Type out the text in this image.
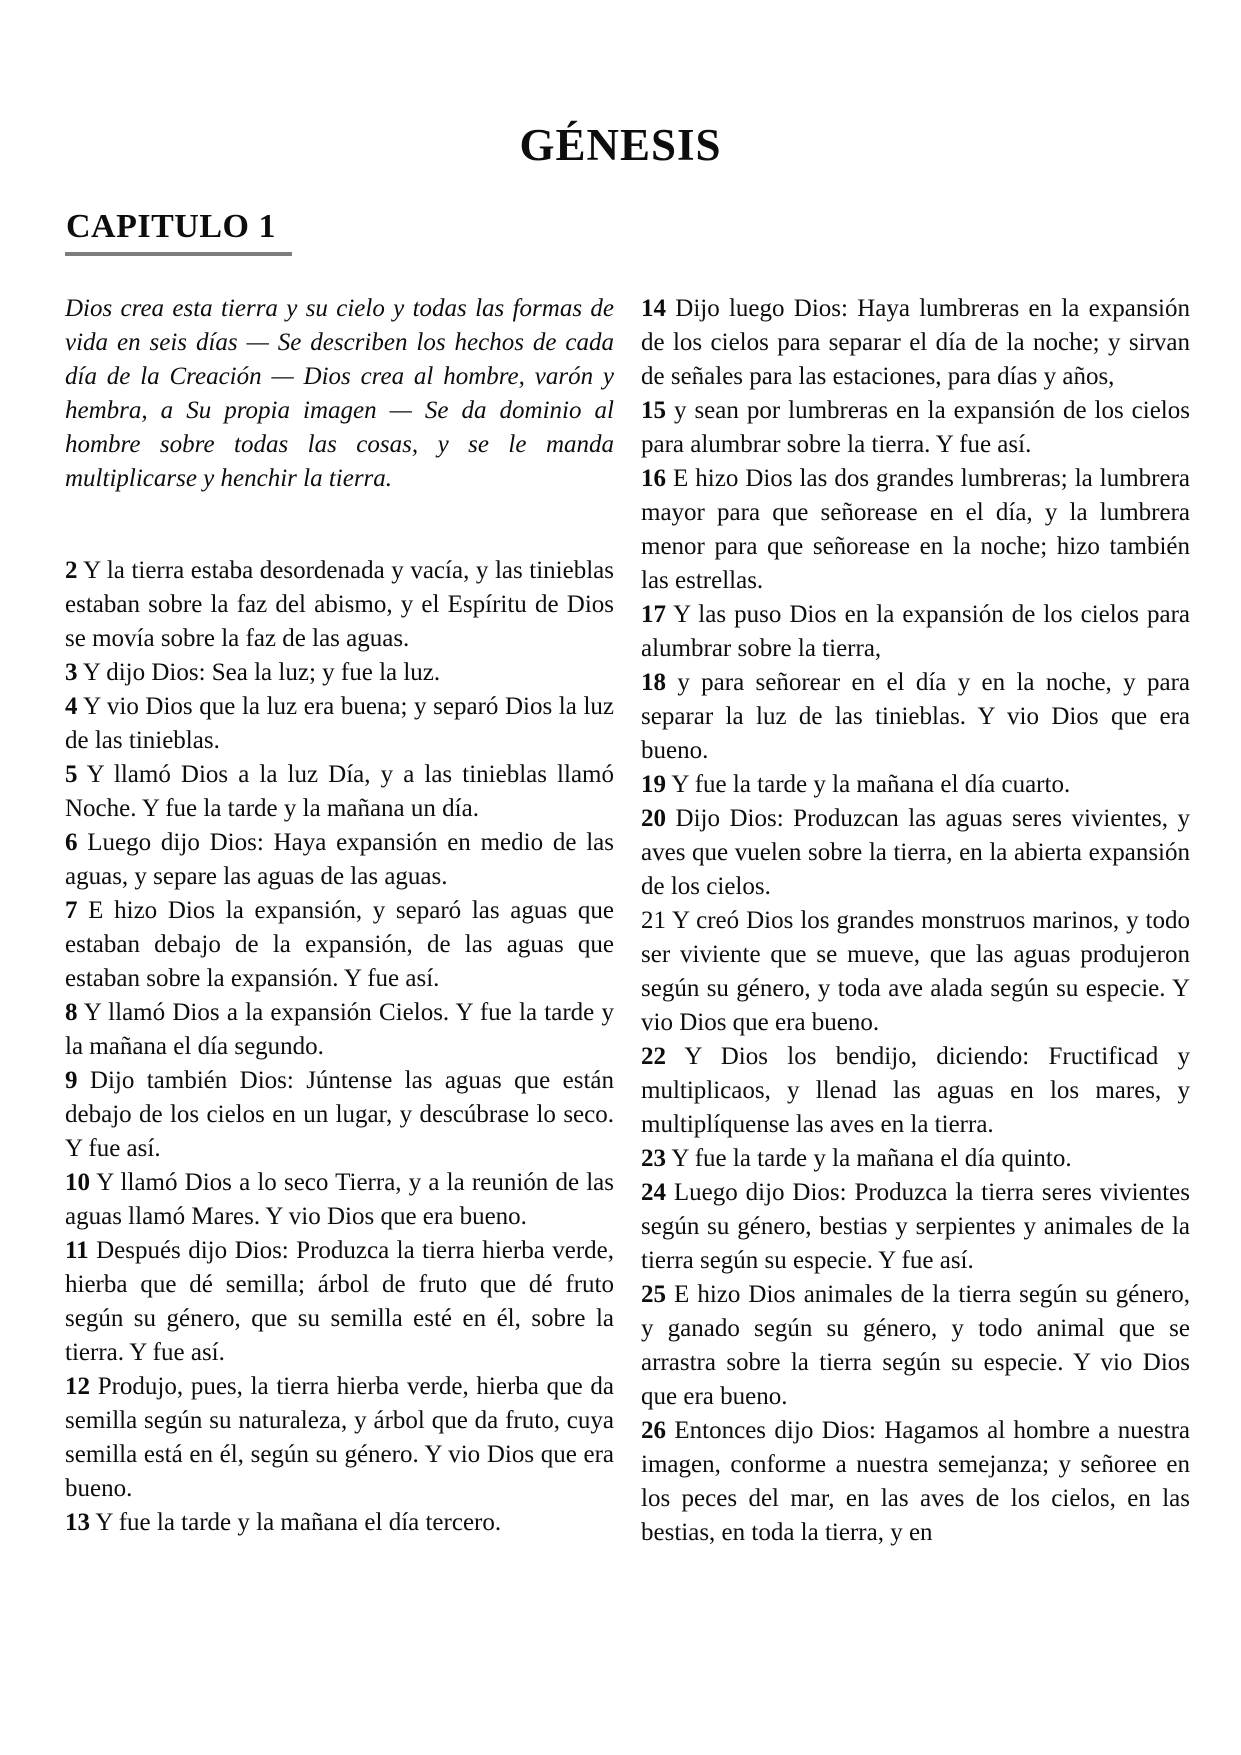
GÉNESIS
CAPITULO 1

Dios crea esta tierra y su cielo y todas las formas de vida en seis días — Se describen los hechos de cada día de la Creación — Dios crea al hombre, varón y hembra, a Su propia imagen — Se da dominio al hombre sobre todas las cosas, y se le manda multiplicarse y henchir la tierra.

2 Y la tierra estaba desordenada y vacía, y las tinieblas estaban sobre la faz del abismo, y el Espíritu de Dios se movía sobre la faz de las aguas.

3 Y dijo Dios: Sea la luz; y fue la luz.

4 Y vio Dios que la luz era buena; y separó Dios la luz de las tinieblas.

5 Y llamó Dios a la luz Día, y a las tinieblas llamó Noche. Y fue la tarde y la mañana un día.

6 Luego dijo Dios: Haya expansión en medio de las aguas, y separe las aguas de las aguas.

7 E hizo Dios la expansión, y separó las aguas que estaban debajo de la expansión, de las aguas que estaban sobre la expansión. Y fue así.

8 Y llamó Dios a la expansión Cielos. Y fue la tarde y la mañana el día segundo.

9 Dijo también Dios: Júntense las aguas que están debajo de los cielos en un lugar, y descúbrase lo seco. Y fue así.

10 Y llamó Dios a lo seco Tierra, y a la reunión de las aguas llamó Mares. Y vio Dios que era bueno.

11 Después dijo Dios: Produzca la tierra hierba verde, hierba que dé semilla; árbol de fruto que dé fruto según su género, que su semilla esté en él, sobre la tierra. Y fue así.

12 Produjo, pues, la tierra hierba verde, hierba que da semilla según su naturaleza, y árbol que da fruto, cuya semilla está en él, según su género. Y vio Dios que era bueno.

13 Y fue la tarde y la mañana el día tercero.

14 Dijo luego Dios: Haya lumbreras en la expansión de los cielos para separar el día de la noche; y sirvan de señales para las estaciones, para días y años,

15 y sean por lumbreras en la expansión de los cielos para alumbrar sobre la tierra. Y fue así.

16 E hizo Dios las dos grandes lumbreras; la lumbrera mayor para que señorease en el día, y la lumbrera menor para que señorease en la noche; hizo también las estrellas.

17 Y las puso Dios en la expansión de los cielos para alumbrar sobre la tierra,

18 y para señorear en el día y en la noche, y para separar la luz de las tinieblas. Y vio Dios que era bueno.

19 Y fue la tarde y la mañana el día cuarto.

20 Dijo Dios: Produzcan las aguas seres vivientes, y aves que vuelen sobre la tierra, en la abierta expansión de los cielos.

21 Y creó Dios los grandes monstruos marinos, y todo ser viviente que se mueve, que las aguas produjeron según su género, y toda ave alada según su especie. Y vio Dios que era bueno.

22 Y Dios los bendijo, diciendo: Fructificad y multiplicaos, y llenad las aguas en los mares, y multiplíquense las aves en la tierra.

23 Y fue la tarde y la mañana el día quinto.

24 Luego dijo Dios: Produzca la tierra seres vivientes según su género, bestias y serpientes y animales de la tierra según su especie. Y fue así.

25 E hizo Dios animales de la tierra según su género, y ganado según su género, y todo animal que se arrastra sobre la tierra según su especie. Y vio Dios que era bueno.

26 Entonces dijo Dios: Hagamos al hombre a nuestra imagen, conforme a nuestra semejanza; y señoree en los peces del mar, en las aves de los cielos, en las bestias, en toda la tierra, y en
